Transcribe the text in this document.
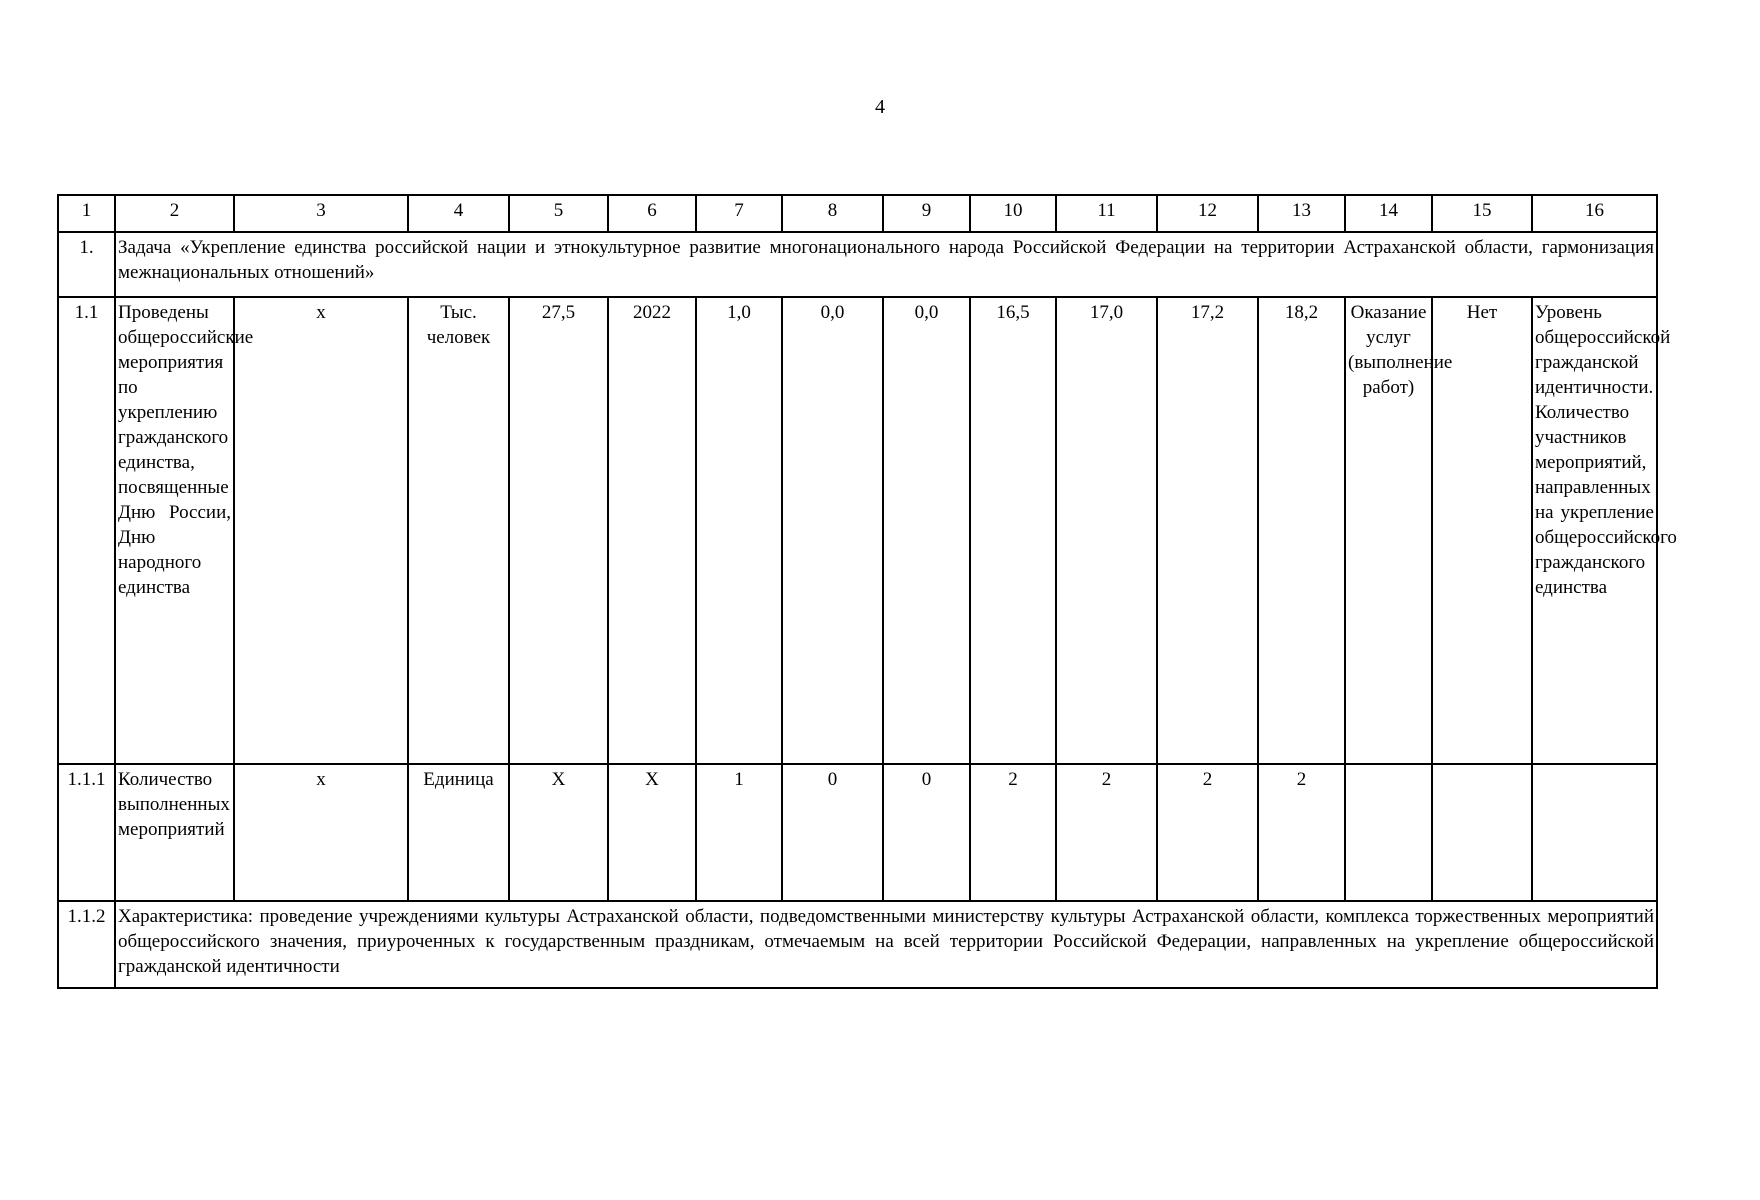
4
1	2	3	4	5	6	7	8	9	10	11	12	13	14	15	16
1.	Задача «Укрепление единства российской нации и этнокультурное развитие многонационального народа Российской Федерации на территории Астраханской области, гармонизация межнациональных отношений»														
1.1	Проведены общероссийские мероприятия по укреплению гражданского единства, посвященные Дню России, Дню народного единства	x	Тыс. человек	27,5	2022	1,0	0,0	0,0	16,5	17,0	17,2	18,2	Оказание услуг (выполнение работ)	Нет	Уровень общероссийской гражданской идентичности. Количество участников мероприятий, направленных на укрепление общероссийского гражданского единства
1.1.1	Количество выполненных мероприятий	x	Единица	X	X	1	0	0	2	2	2	2			
1.1.2	Характеристика: проведение учреждениями культуры Астраханской области, подведомственными министерству культуры Астраханской области, комплекса торжественных мероприятий общероссийского значения, приуроченных к государственным праздникам, отмечаемым на всей территории Российской Федерации, направленных на укрепление общероссийской гражданской идентичности														
